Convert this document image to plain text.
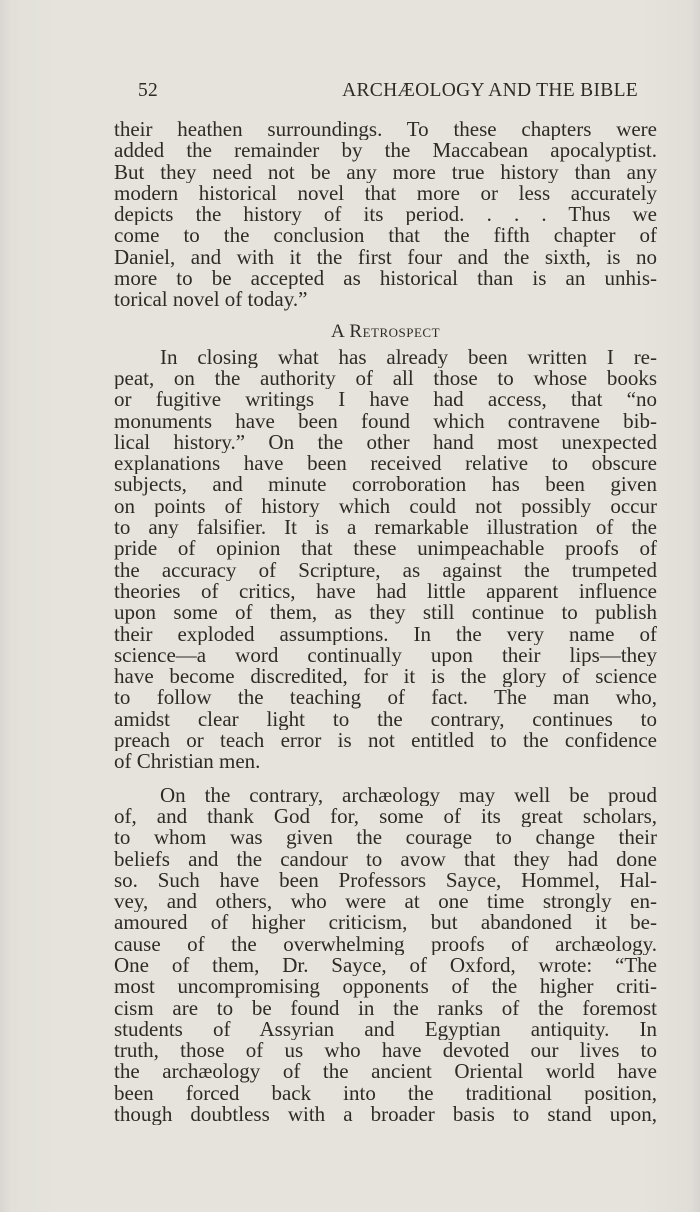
52	ARCHÆOLOGY AND THE BIBLE
their heathen surroundings. To these chapters were
added the remainder by the Maccabean apocalyptist.
But they need not be any more true history than any
modern historical novel that more or less accurately
depicts the history of its period. . . . Thus we
come to the conclusion that the fifth chapter of
Daniel, and with it the first four and the sixth, is no
more to be accepted as historical than is an unhis-
torical novel of today.”
A Retrospect
In closing what has already been written I re-
peat, on the authority of all those to whose books
or fugitive writings I have had access, that “no
monuments have been found which contravene bib-
lical history.” On the other hand most unexpected
explanations have been received relative to obscure
subjects, and minute corroboration has been given
on points of history which could not possibly occur
to any falsifier. It is a remarkable illustration of the
pride of opinion that these unimpeachable proofs of
the accuracy of Scripture, as against the trumpeted
theories of critics, have had little apparent influence
upon some of them, as they still continue to publish
their exploded assumptions. In the very name of
science—a word continually upon their lips—they
have become discredited, for it is the glory of science
to follow the teaching of fact. The man who,
amidst clear light to the contrary, continues to
preach or teach error is not entitled to the confidence
of Christian men.
On the contrary, archæology may well be proud
of, and thank God for, some of its great scholars,
to whom was given the courage to change their
beliefs and the candour to avow that they had done
so. Such have been Professors Sayce, Hommel, Hal-
vey, and others, who were at one time strongly en-
amoured of higher criticism, but abandoned it be-
cause of the overwhelming proofs of archæology.
One of them, Dr. Sayce, of Oxford, wrote: “The
most uncompromising opponents of the higher criti-
cism are to be found in the ranks of the foremost
students of Assyrian and Egyptian antiquity. In
truth, those of us who have devoted our lives to
the archæology of the ancient Oriental world have
been forced back into the traditional position,
though doubtless with a broader basis to stand upon,
